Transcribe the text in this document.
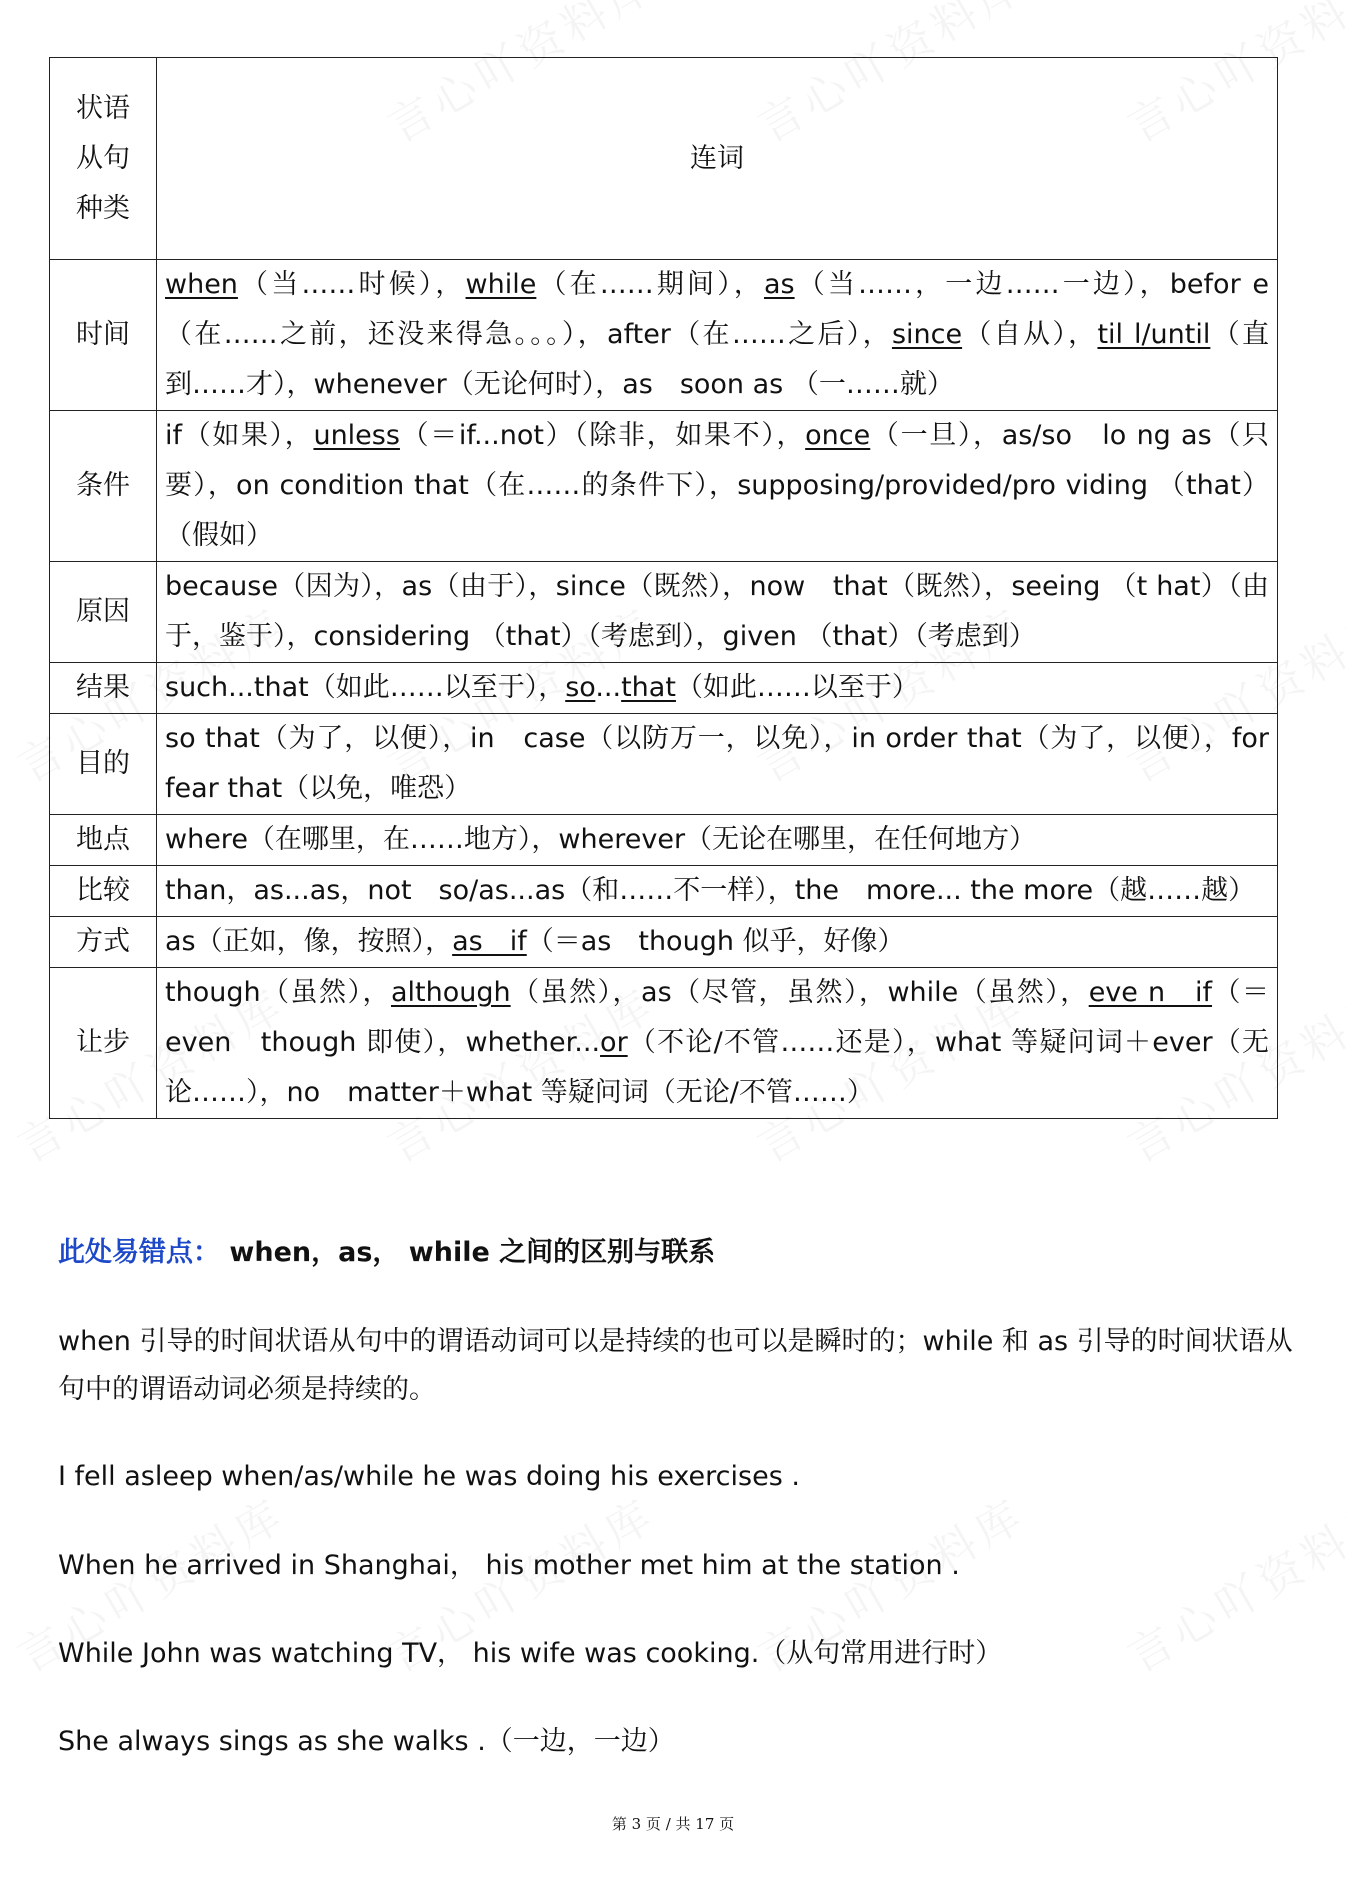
状语从句种类	连词
时间	when（当……时候），while（在……期间），as（当……，一边……一边），befor e（在……之前，还没来得急。。。），after（在……之后），since（自从），til l/until（直到……才），whenever（无论何时），as　soon as （一……就）
条件	if（如果），unless（＝if...not）（除非，如果不），once（一旦），as/so　lo ng as（只要），on condition that（在……的条件下），supposing/provided/pro viding （that）（假如）
原因	because（因为），as（由于），since（既然），now　that（既然），seeing （t hat）（由于，鉴于），considering （that）（考虑到），given （that）（考虑到）
结果	such...that（如此……以至于），so...that（如此……以至于）
目的	so that（为了，以便），in　case（以防万一，以免），in order that（为了，以便），for fear that（以免，唯恐）
地点	where（在哪里，在……地方），wherever（无论在哪里，在任何地方）
比较	than，as...as，not　so/as...as（和……不一样），the　more... the more（越……越）
方式	as（正如，像，按照），as　if（＝as　though 似乎，好像）
让步	though（虽然），although（虽然），as（尽管，虽然），while（虽然），eve n　if（＝even　though 即使），whether...or（不论/不管……还是），what 等疑问词＋ever（无论……），no　matter＋what 等疑问词（无论/不管……）
此处易错点： when，as， while 之间的区别与联系

when 引导的时间状语从句中的谓语动词可以是持续的也可以是瞬时的；while 和 as 引导的时间状语从句中的谓语动词必须是持续的。

I fell asleep when/as/while he was doing his exercises .

When he arrived in Shanghai， his mother met him at the station .

While John was watching TV， his wife was cooking.（从句常用进行时）

She always sings as she walks .（一边，一边）

第 3 页 / 共 17 页
